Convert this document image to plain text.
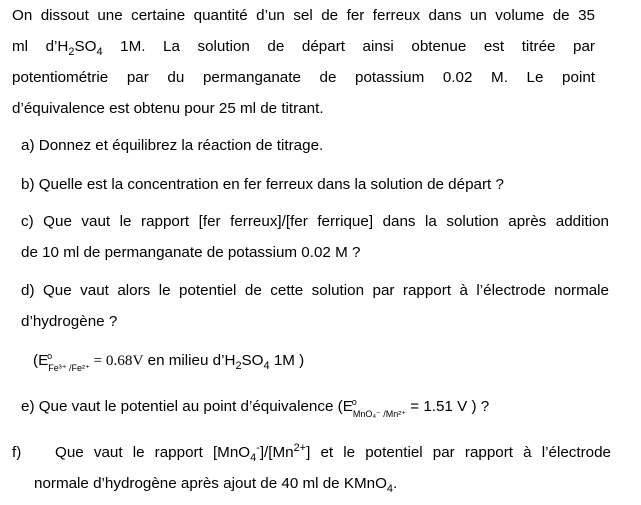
On dissout une certaine quantité d’un sel de fer ferreux dans un volume de 35
ml $d’H_2SO_4$ 1M. La solution de départ ainsi obtenue est titrée par
potentiométrie par du permanganate de potassium 0.02 M. Le point
d’équivalence est obtenu pour 25 ml de titrant.
a) Donnez et équilibrez la réaction de titrage.
b) Quelle est la concentration en fer ferreux dans la solution de départ ?
c) Que vaut le rapport [fer ferreux]/[fer ferrique] dans la solution après addition
de 10 ml de permanganate de potassium 0.02 M ?
d) Que vaut alors le potentiel de cette solution par rapport à l’électrode normale
d’hydrogène ?
(E
o
$_{Fe^{3+} /Fe^{2+}}$ = 0.68V en milieu $d’H_2SO_4$ 1M )
e) Que vaut le potentiel au point d’équivalence (E
o
$_{MnO_4^- /Mn^{2+}}$ = 1.51 V ) ?
f) Que vaut le rapport $[MnO_4^-]/[Mn^{2+}]$ et le potentiel par rapport à l’électrode
normale d’hydrogène après ajout de 40 ml de KMnO$_4$.
